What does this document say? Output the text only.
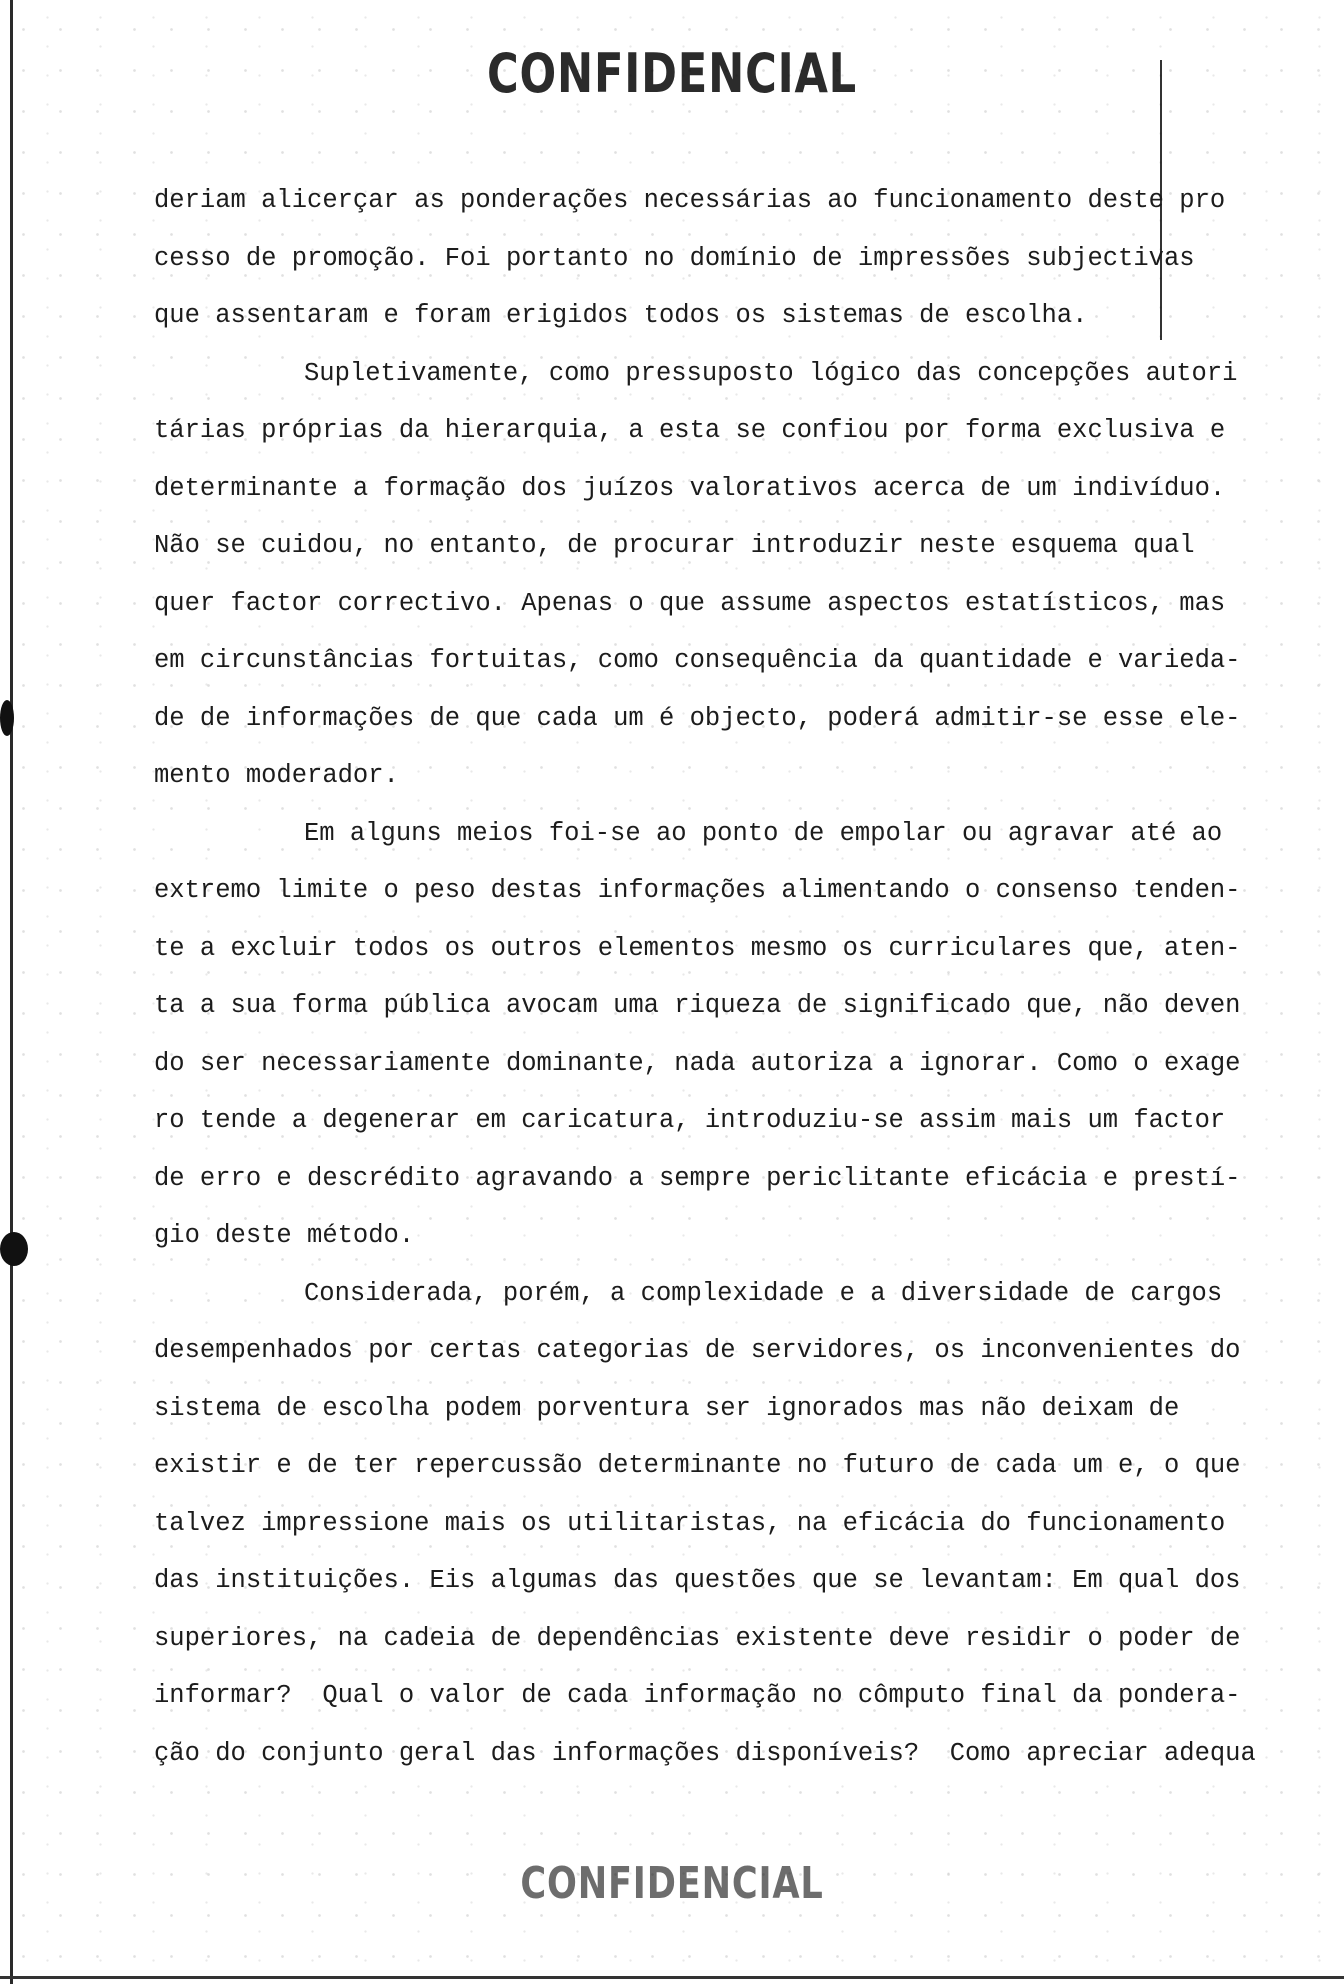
CONFIDENCIAL
deriam alicerçar as ponderações necessárias ao funcionamento deste pro
cesso de promoção. Foi portanto no domínio de impressões subjectivas
que assentaram e foram erigidos todos os sistemas de escolha.
Supletivamente, como pressuposto lógico das concepções autori
tárias próprias da hierarquia, a esta se confiou por forma exclusiva e
determinante a formação dos juízos valorativos acerca de um indivíduo.
Não se cuidou, no entanto, de procurar introduzir neste esquema qual
quer factor correctivo. Apenas o que assume aspectos estatísticos, mas
em circunstâncias fortuitas, como consequência da quantidade e varieda-
de de informações de que cada um é objecto, poderá admitir-se esse ele-
mento moderador.
Em alguns meios foi-se ao ponto de empolar ou agravar até ao
extremo limite o peso destas informações alimentando o consenso tenden-
te a excluir todos os outros elementos mesmo os curriculares que, aten-
ta a sua forma pública avocam uma riqueza de significado que, não deven
do ser necessariamente dominante, nada autoriza a ignorar. Como o exage
ro tende a degenerar em caricatura, introduziu-se assim mais um factor
de erro e descrédito agravando a sempre periclitante eficácia e prestí-
gio deste método.
Considerada, porém, a complexidade e a diversidade de cargos
desempenhados por certas categorias de servidores, os inconvenientes do
sistema de escolha podem porventura ser ignorados mas não deixam de
existir e de ter repercussão determinante no futuro de cada um e, o que
talvez impressione mais os utilitaristas, na eficácia do funcionamento
das instituições. Eis algumas das questões que se levantam: Em qual dos
superiores, na cadeia de dependências existente deve residir o poder de
informar?  Qual o valor de cada informação no cômputo final da pondera-
ção do conjunto geral das informações disponíveis?  Como apreciar adequa
CONFIDENCIAL
